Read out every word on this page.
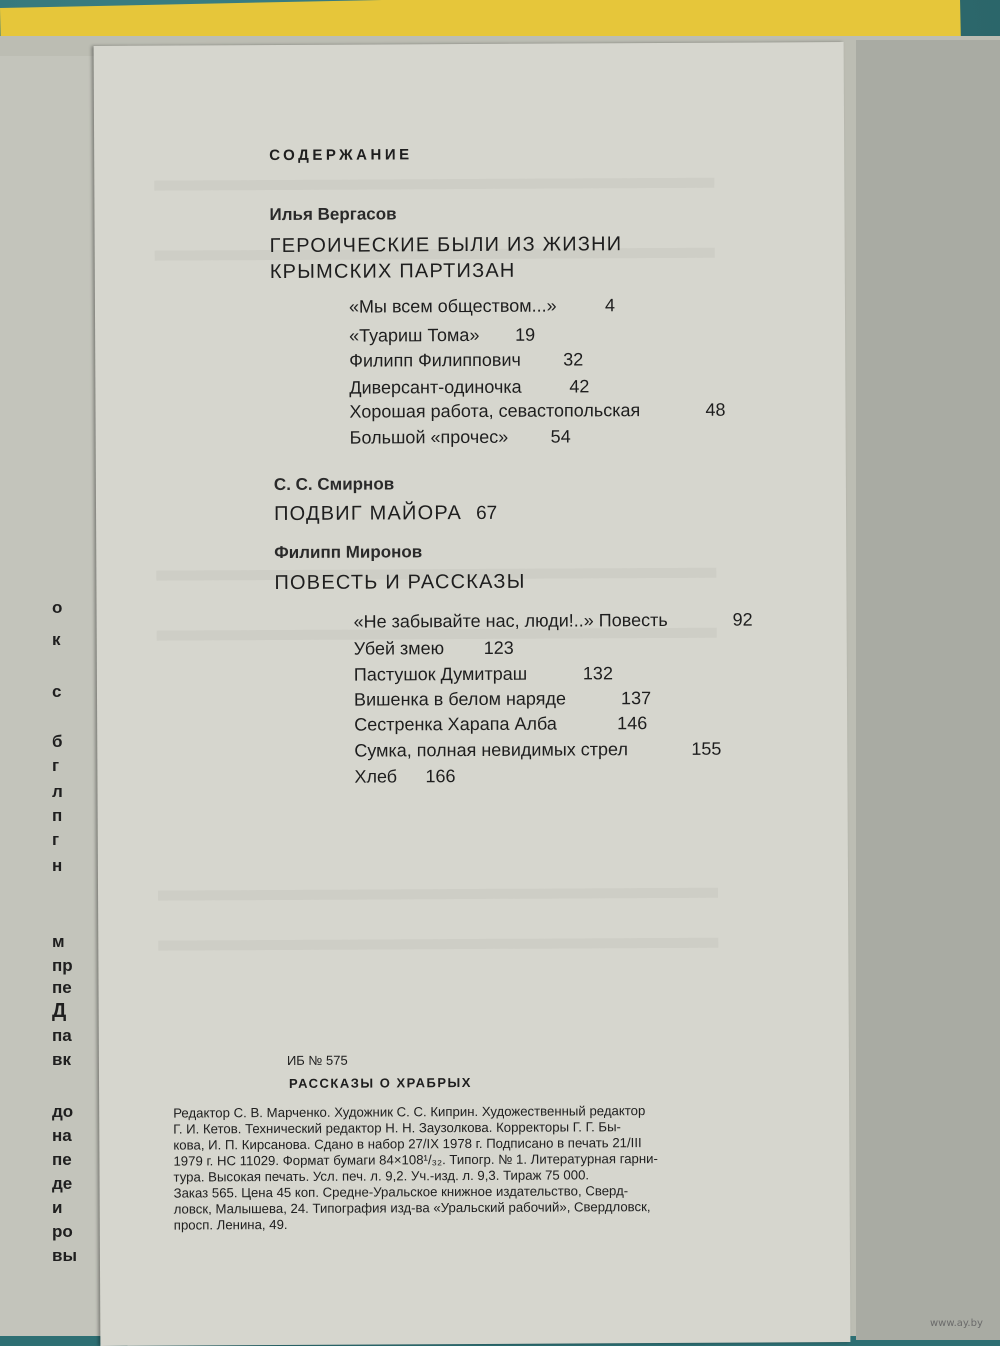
о
к
с
б
г
л
п
г
н
м
пр
пе
Д
па
вк
до
на
пе
де
и
ро
вы
СОДЕРЖАНИЕ
Илья Вергасов
ГЕРОИЧЕСКИЕ БЫЛИ ИЗ ЖИЗНИ
КРЫМСКИХ ПАРТИЗАН
«Мы всем обществом...»	4
«Туариш Тома» 19
Филипп Филиппович 32
Диверсант-одиночка	42
Хорошая работа, севастопольская	48
Большой «прочес» 54
С. С. Смирнов
ПОДВИГ МАЙОРА 67
Филипп Миронов
ПОВЕСТЬ И РАССКАЗЫ
«Не забывайте нас, люди!..» Повесть	92
Убей змею 123
Пастушок Думитраш	132
Вишенка в белом наряде	137
Сестренка Харапа Алба	146
Сумка, полная невидимых стрел	155
Хлеб 166
ИБ № 575
РАССКАЗЫ О ХРАБРЫХ
Редактор С. В. Марченко. Художник С. С. Киприн. Художественный редактор
Г. И. Кетов. Технический редактор Н. Н. Заузолкова. Корректоры Г. Г. Бы-
кова, И. П. Кирсанова. Сдано в набор 27/IX 1978 г. Подписано в печать 21/III
1979 г. НС 11029. Формат бумаги 84×108¹/₃₂. Типогр. № 1. Литературная гарни-
тура. Высокая печать. Усл. печ. л. 9,2. Уч.-изд. л. 9,3. Тираж 75 000.
Заказ 565. Цена 45 коп. Средне-Уральское книжное издательство, Сверд-
ловск, Малышева, 24. Типография изд-ва «Уральский рабочий», Свердловск,
просп. Ленина, 49.
www.ay.by
